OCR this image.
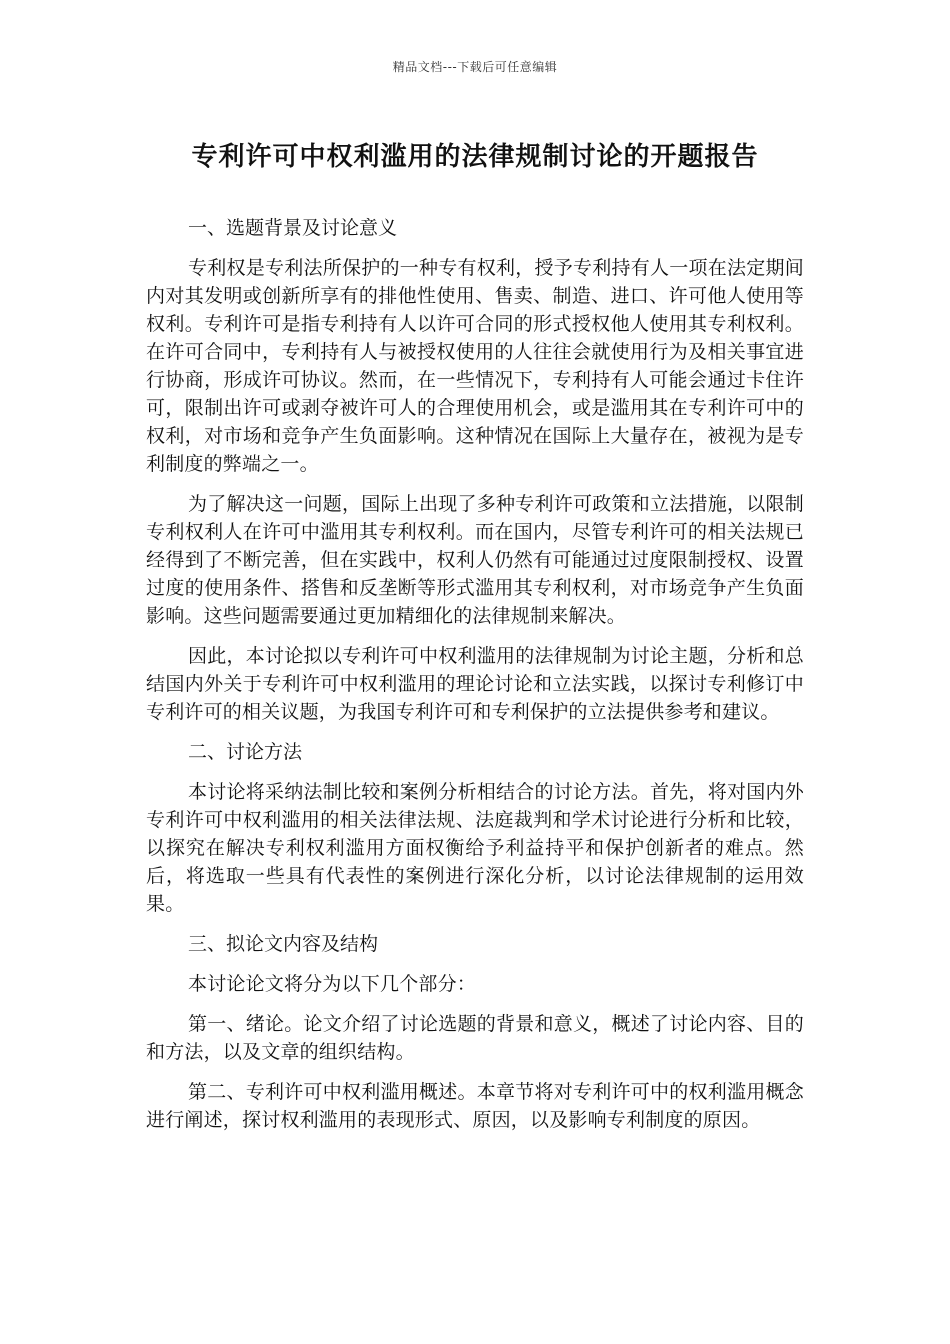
精品文档---下载后可任意编辑
专利许可中权利滥用的法律规制讨论的开题报告

一、选题背景及讨论意义

专利权是专利法所保护的一种专有权利，授予专利持有人一项在法定期间内对其发明或创新所享有的排他性使用、售卖、制造、进口、许可他人使用等权利。专利许可是指专利持有人以许可合同的形式授权他人使用其专利权利。在许可合同中，专利持有人与被授权使用的人往往会就使用行为及相关事宜进行协商，形成许可协议。然而，在一些情况下，专利持有人可能会通过卡住许可，限制出许可或剥夺被许可人的合理使用机会，或是滥用其在专利许可中的权利，对市场和竞争产生负面影响。这种情况在国际上大量存在，被视为是专利制度的弊端之一。

为了解决这一问题，国际上出现了多种专利许可政策和立法措施，以限制专利权利人在许可中滥用其专利权利。而在国内，尽管专利许可的相关法规已经得到了不断完善，但在实践中，权利人仍然有可能通过过度限制授权、设置过度的使用条件、搭售和反垄断等形式滥用其专利权利，对市场竞争产生负面影响。这些问题需要通过更加精细化的法律规制来解决。

因此，本讨论拟以专利许可中权利滥用的法律规制为讨论主题，分析和总结国内外关于专利许可中权利滥用的理论讨论和立法实践，以探讨专利修订中专利许可的相关议题，为我国专利许可和专利保护的立法提供参考和建议。

二、讨论方法

本讨论将采纳法制比较和案例分析相结合的讨论方法。首先，将对国内外专利许可中权利滥用的相关法律法规、法庭裁判和学术讨论进行分析和比较，以探究在解决专利权利滥用方面权衡给予利益持平和保护创新者的难点。然后，将选取一些具有代表性的案例进行深化分析，以讨论法律规制的运用效果。

三、拟论文内容及结构

本讨论论文将分为以下几个部分：

第一、绪论。论文介绍了讨论选题的背景和意义，概述了讨论内容、目的和方法，以及文章的组织结构。

第二、专利许可中权利滥用概述。本章节将对专利许可中的权利滥用概念进行阐述，探讨权利滥用的表现形式、原因，以及影响专利制度的原因。
